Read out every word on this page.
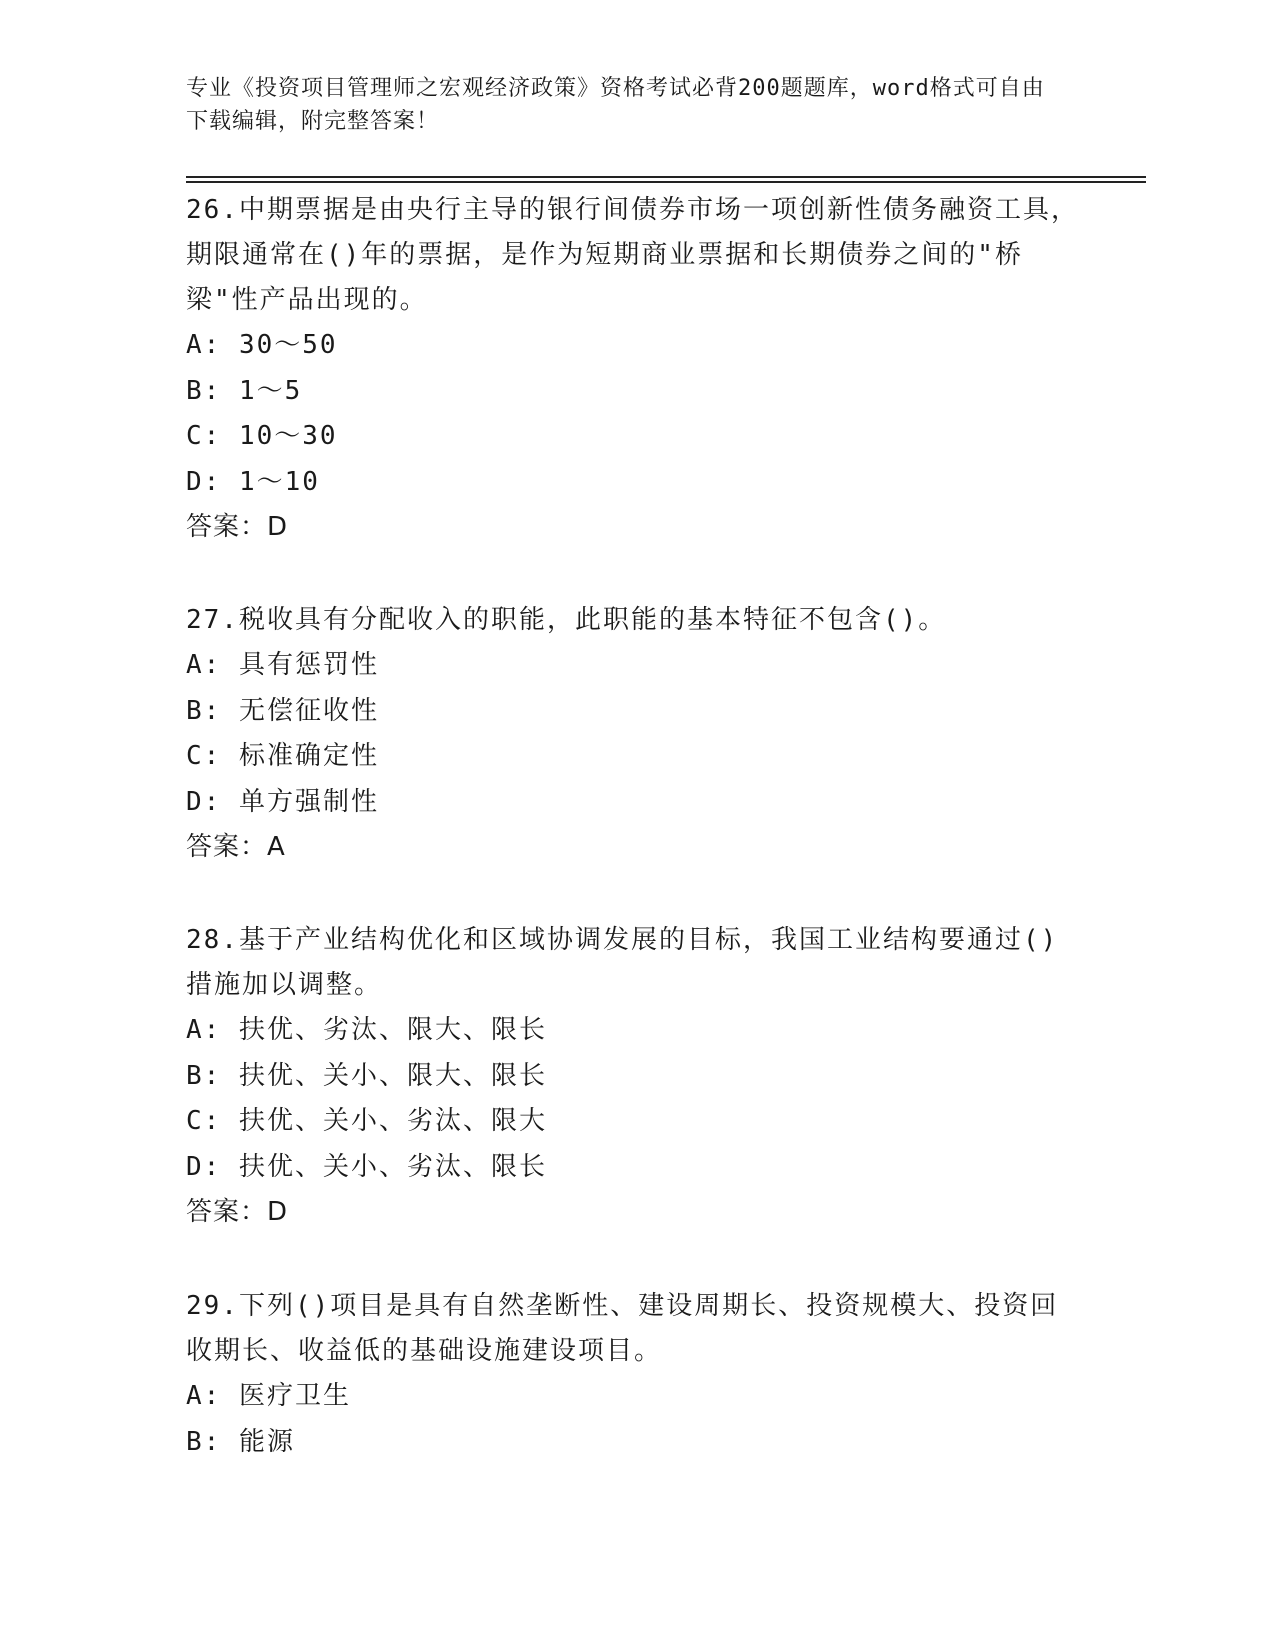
专业《投资项目管理师之宏观经济政策》资格考试必背200题题库，word格式可自由下载编辑，附完整答案！
26.中期票据是由央行主导的银行间债券市场一项创新性债务融资工具，期限通常在()年的票据，是作为短期商业票据和长期债券之间的"桥梁"性产品出现的。
A: 30～50
B: 1～5
C: 10～30
D: 1～10
答案：D
27.税收具有分配收入的职能，此职能的基本特征不包含()。
A: 具有惩罚性
B: 无偿征收性
C: 标准确定性
D: 单方强制性
答案：A
28.基于产业结构优化和区域协调发展的目标，我国工业结构要通过()措施加以调整。
A: 扶优、劣汰、限大、限长
B: 扶优、关小、限大、限长
C: 扶优、关小、劣汰、限大
D: 扶优、关小、劣汰、限长
答案：D
29.下列()项目是具有自然垄断性、建设周期长、投资规模大、投资回收期长、收益低的基础设施建设项目。
A: 医疗卫生
B: 能源
